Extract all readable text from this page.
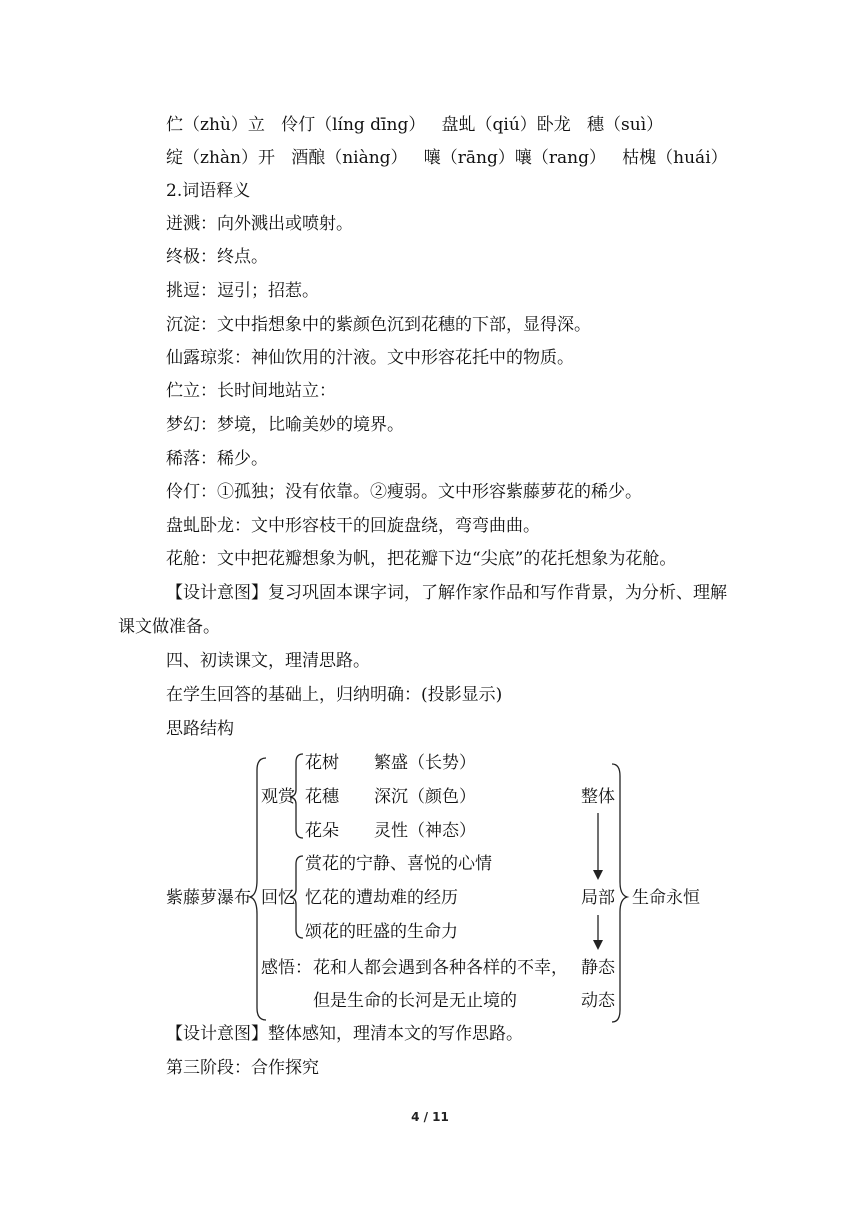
伫（zhù）立   伶仃（líng dīng）   盘虬（qiú）卧龙   穗（suì）
绽（zhàn）开   酒酿（niàng）   嚷（rāng）嚷（rang）   枯槐（huái）
2.词语释义
迸溅：向外溅出或喷射。
终极：终点。
挑逗：逗引；招惹。
沉淀：文中指想象中的紫颜色沉到花穗的下部，显得深。
仙露琼浆：神仙饮用的汁液。文中形容花托中的物质。
伫立：长时间地站立：
梦幻：梦境，比喻美妙的境界。
稀落：稀少。
伶仃：①孤独；没有依靠。②瘦弱。文中形容紫藤萝花的稀少。
盘虬卧龙：文中形容枝干的回旋盘绕，弯弯曲曲。
花舱：文中把花瓣想象为帆，把花瓣下边“尖底”的花托想象为花舱。
【设计意图】复习巩固本课字词，了解作家作品和写作背景，为分析、理解
课文做准备。
四、初读课文，理清思路。
在学生回答的基础上，归纳明确：(投影显示)
思路结构
紫藤萝瀑布
观赏
花树 繁盛（长势）
花穗 深沉（颜色）
花朵 灵性（神态）
回忆
赏花的宁静、喜悦的心情
忆花的遭劫难的经历
颂花的旺盛的生命力
感悟： 花和人都会遇到各种各样的不幸，
但是生命的长河是无止境的
整体
局部
静态
动态
生命永恒
【设计意图】整体感知，理清本文的写作思路。
第三阶段：合作探究
4 / 11
